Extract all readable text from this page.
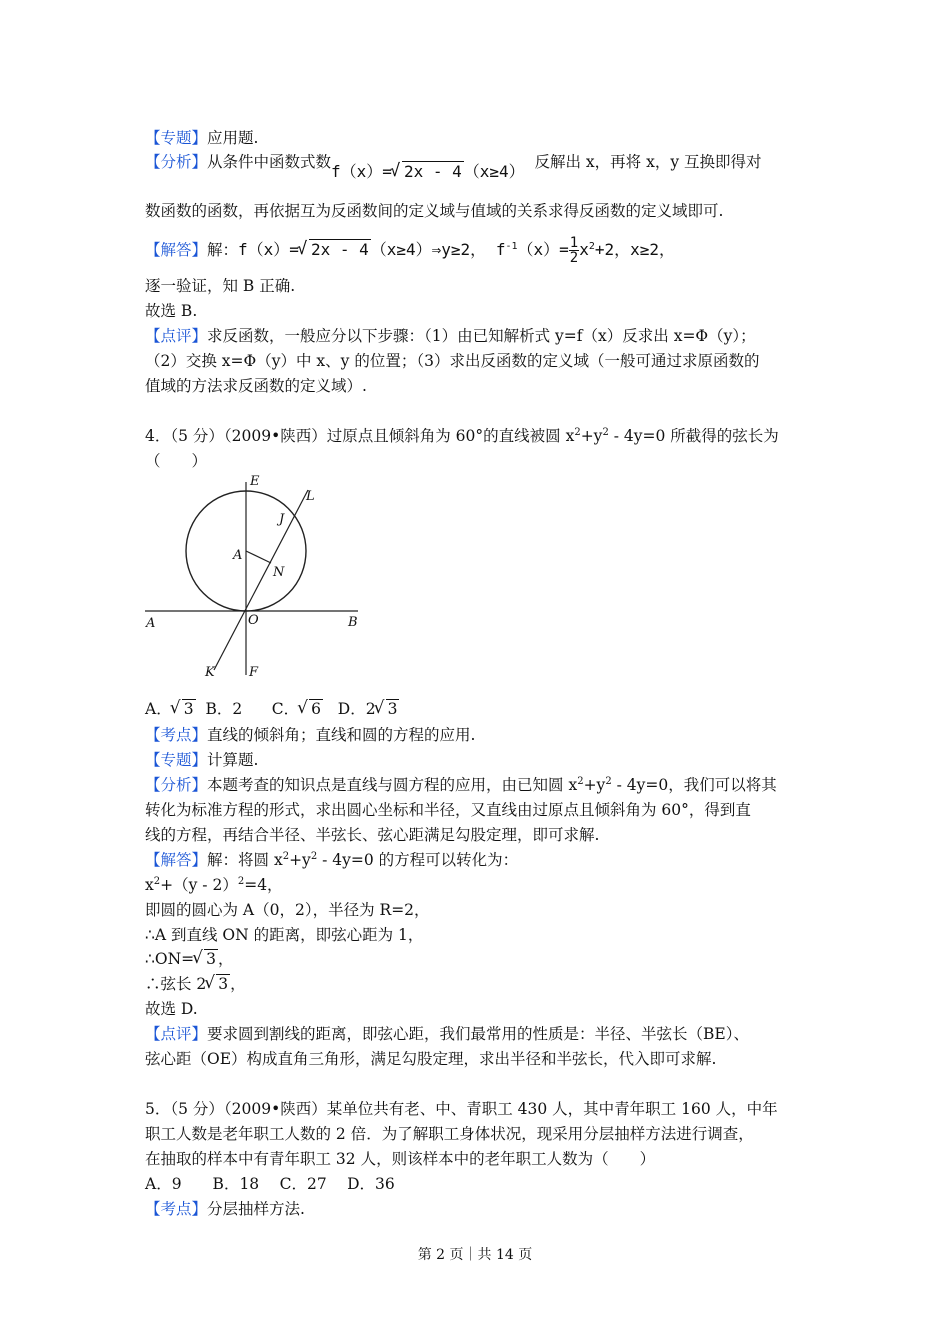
【专题】应用题.
【分析】从条件中函数式数f（x）= √ 2x - 4 （x≥4） 反解出 x，再将 x，y 互换即得对
数函数的函数，再依据互为反函数间的定义域与值域的关系求得反函数的定义域即可.
【解答】解：f（x）= √ 2x - 4 （x≥4）⇒y≥2， $f^{-1}(x)= \frac{1}{2} x^2+2$，x≥2，
逐一验证，知 B 正确.
故选 B.
【点评】求反函数，一般应分以下步骤：（1）由已知解析式 y=f（x）反求出 x=Φ（y）；
（2）交换 x=Φ（y）中 x、y 的位置；（3）求出反函数的定义域（一般可通过求原函数的
值域的方法求反函数的定义域）.
4．（5 分）（2009•陕西）过原点且倾斜角为 60°的直线被圆 $x^2+y^2 - 4y=0$ 所截得的弦长为
（　　）
E
L
J
A
N
A	O	B
K	F
A． √ 3 B．2 C． √ 6 D．2 √ 3
【考点】直线的倾斜角；直线和圆的方程的应用.
【专题】计算题.
【分析】本题考查的知识点是直线与圆方程的应用，由已知圆 $x^2+y^2 - 4y=0$，我们可以将其
转化为标准方程的形式，求出圆心坐标和半径，又直线由过原点且倾斜角为 60°，得到直
线的方程，再结合半径、半弦长、弦心距满足勾股定理，即可求解.
【解答】解：将圆 $x^2+y^2 - 4y=0$ 的方程可以转化为：
$x^2+(y - 2)^2=4$，
即圆的圆心为 A（0，2），半径为 R=2，
∴A 到直线 ON 的距离，即弦心距为 1，
∴ON= √ 3 ，
∴弦长 2 √ 3 ，
故选 D.
【点评】要求圆到割线的距离，即弦心距，我们最常用的性质是：半径、半弦长（BE）、
弦心距（OE）构成直角三角形，满足勾股定理，求出半径和半弦长，代入即可求解.
5．（5 分）（2009•陕西）某单位共有老、中、青职工 430 人，其中青年职工 160 人，中年
职工人数是老年职工人数的 2 倍．为了解职工身体状况，现采用分层抽样方法进行调查，
在抽取的样本中有青年职工 32 人，则该样本中的老年职工人数为（　　）
A．9　　B．18　 C．27　 D．36
【考点】分层抽样方法.
第 2 页｜共 14 页
